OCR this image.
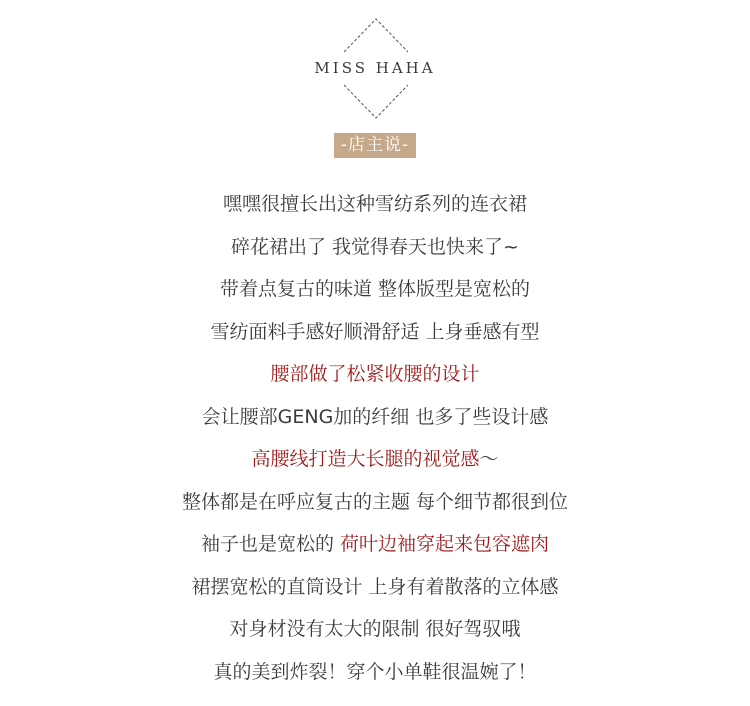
MISS HAHA
-店主说-
嘿嘿很擅长出这种雪纺系列的连衣裙
碎花裙出了 我觉得春天也快来了~
带着点复古的味道 整体版型是宽松的
雪纺面料手感好顺滑舒适 上身垂感有型
腰部做了松紧收腰的设计
会让腰部GENG加的纤细 也多了些设计感
高腰线打造大长腿的视觉感～
整体都是在呼应复古的主题 每个细节都很到位
袖子也是宽松的 荷叶边袖穿起来包容遮肉
裙摆宽松的直筒设计 上身有着散落的立体感
对身材没有太大的限制 很好驾驭哦
真的美到炸裂！穿个小单鞋很温婉了！
